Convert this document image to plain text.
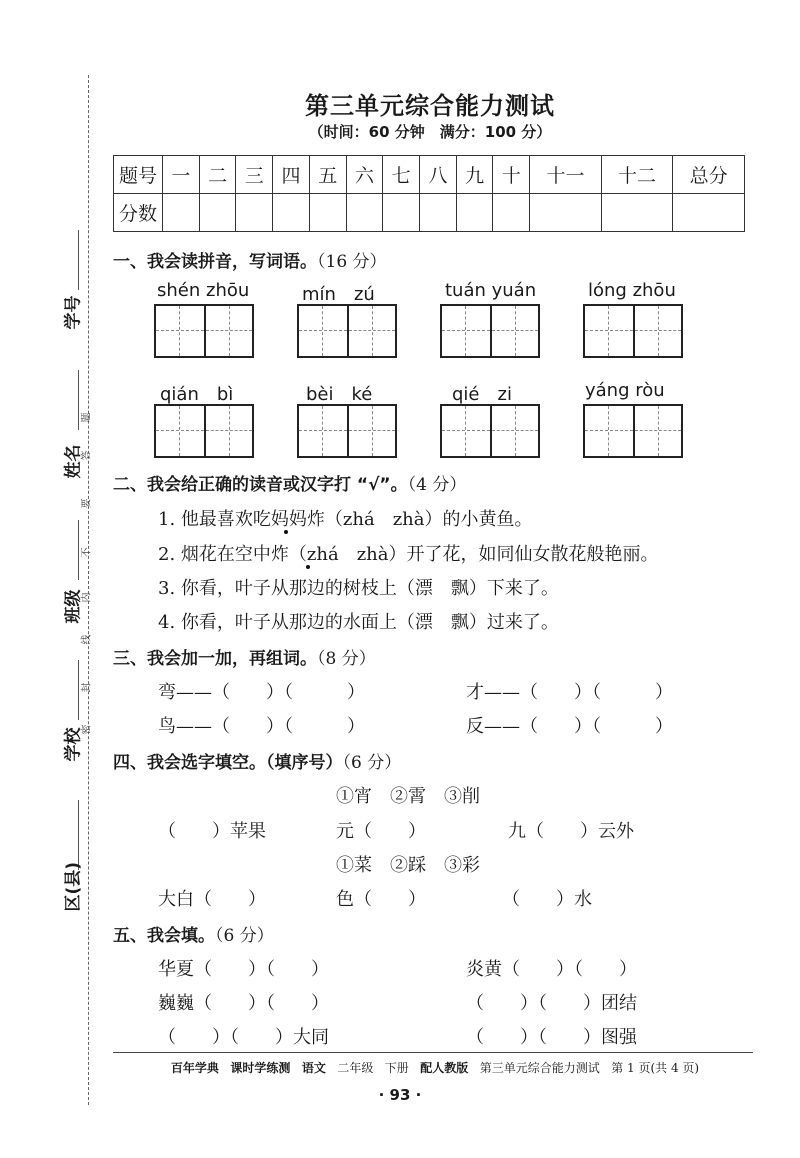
学号
姓名
班级
学校
区(县)
题
答
要
不
内
线
封
密
第三单元综合能力测试
（时间：60 分钟　满分：100 分）
题号	一	二	三	四	五	六	七	八	九	十	十一	十二	总分
分数													
一、我会读拼音，写词语。（16 分）
shén zhōu	mín　zú	tuán yuán	lóng zhōu
qián　bì	bèi　ké	qié　zi	yáng ròu
二、我会给正确的读音或汉字打 “√”。（4 分）
1. 他最喜欢吃妈妈炸（zhá　zhà）的小黄鱼。
2. 烟花在空中炸（zhá　zhà）开了花，如同仙女散花般艳丽。
3. 你看，叶子从那边的树枝上（漂　飘）下来了。
4. 你看，叶子从那边的水面上（漂　飘）过来了。
三、我会加一加，再组词。（8 分）
弯——（　　）（　　　）	才——（　　）（　　　）
鸟——（　　）（　　　）	反——（　　）（　　　）
四、我会选字填空。（填序号）（6 分）
①宵　②霄　③削
（　　）苹果	元（　　）	九（　　）云外
①菜　②踩　③彩
大白（　　）	色（　　）	（　　）水
五、我会填。（6 分）
华夏（　　）（　　）	炎黄（　　）（　　）
巍巍（　　）（　　）	（　　）（　　）团结
（　　）（　　）大同	（　　）（　　）图强
百年学典 课时学练测 语文 二年级 下册 配人教版 第三单元综合能力测试 第 1 页(共 4 页)
· 93 ·
